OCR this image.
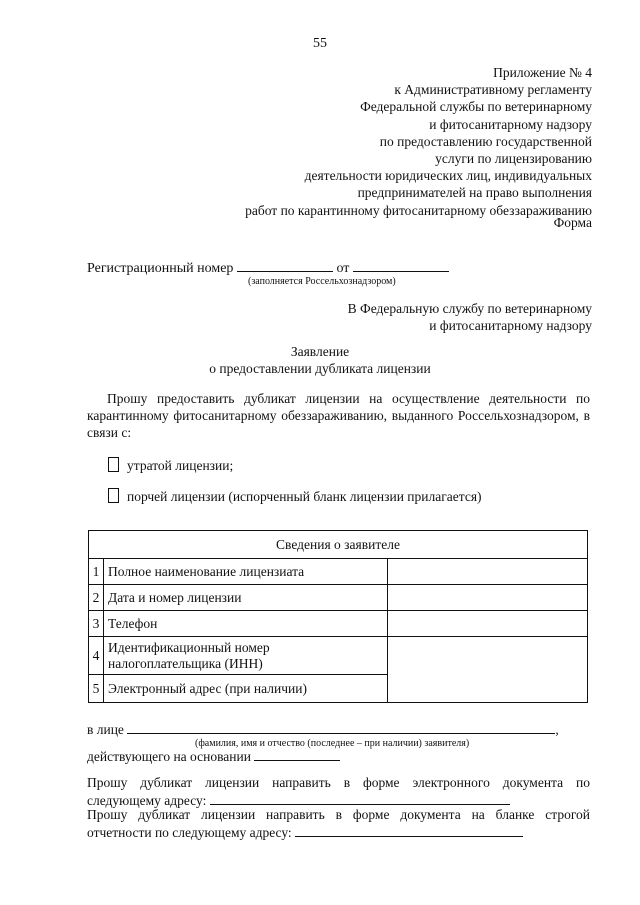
55
Приложение № 4
к Административному регламенту
Федеральной службы по ветеринарному
и фитосанитарному надзору
по предоставлению государственной
услуги по лицензированию
деятельности юридических лиц, индивидуальных
предпринимателей на право выполнения
работ по карантинному фитосанитарному обеззараживанию
Форма
Регистрационный номер	от
(заполняется Россельхознадзором)
В Федеральную службу по ветеринарному
и фитосанитарному надзору
Заявление
о предоставлении дубликата лицензии
Прошу предоставить дубликат лицензии на осуществление деятельности по карантинному фитосанитарному обеззараживанию, выданного Россельхознадзором, в связи с:
утратой лицензии;
порчей лицензии (испорченный бланк лицензии прилагается)
Сведения о заявителе		
1	Полное наименование лицензиата	
2	Дата и номер лицензии	
3	Телефон	
4	Идентификационный номер налогоплательщика (ИНН)	
5	Электронный адрес (при наличии)	
в лице	,
(фамилия, имя и отчество (последнее – при наличии) заявителя)
действующего на основании
Прошу дубликат лицензии направить в форме электронного документа по следующему адресу:
Прошу дубликат лицензии направить в форме документа на бланке строгой отчетности по следующему адресу:
